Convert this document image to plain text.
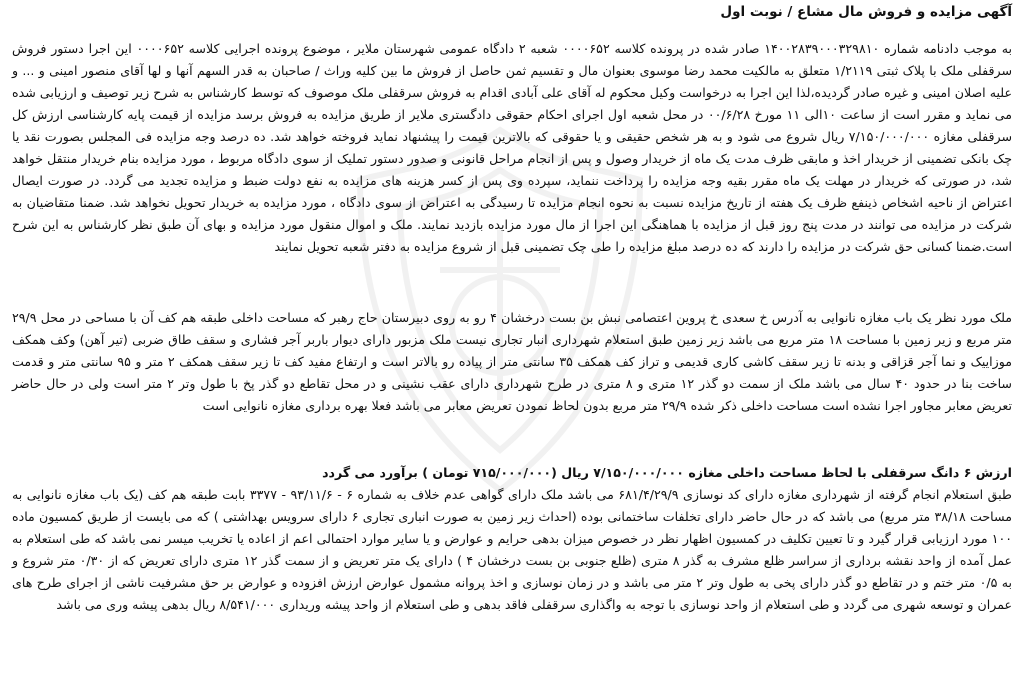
آگهی مزایده و فروش مال مشاع / نوبت اول
به موجب دادنامه شماره ۱۴۰۰۲۸۳۹۰۰۰۳۲۹۸۱۰ صادر شده در پرونده کلاسه ۰۰۰۰۶۵۲ شعبه ۲ دادگاه عمومی شهرستان ملایر ، موضوع پرونده اجرایی کلاسه ۰۰۰۰۶۵۲ این اجرا دستور فروش سرقفلی ملک با پلاک ثبتی ۱/۲۱۱۹ متعلق به مالکیت محمد رضا موسوی بعنوان مال و تقسیم ثمن حاصل از فروش ما بین کلیه وراث / صاحبان به قدر السهم آنها و لها آقای منصور امینی و ... و علیه اصلان امینی و غیره صادر گردیده،لذا این اجرا به درخواست وکیل محکوم له آقای علی آبادی اقدام به فروش سرقفلی ملک موصوف که توسط کارشناس به شرح زیر توصیف و ارزیابی شده می نماید و مقرر است از ساعت ۱۰الی ۱۱ مورخ ۰۰/۶/۲۸ در محل شعبه اول اجرای احکام حقوقی دادگستری ملایر از طریق مزایده به فروش برسد مزایده از قیمت پایه کارشناسی ارزش کل سرقفلی مغازه ۷/۱۵۰/۰۰۰/۰۰۰ ریال شروع می شود و به هر شخص حقیقی و یا حقوقی که بالاترین قیمت را پیشنهاد نماید فروخته خواهد شد. ده درصد وجه مزایده فی المجلس بصورت نقد یا چک بانکی تضمینی از خریدار اخذ و مابقی ظرف مدت یک ماه از خریدار وصول و پس از انجام مراحل قانونی و صدور دستور تملیک از سوی دادگاه مربوط ، مورد مزایده بنام خریدار منتقل خواهد شد، در صورتی که خریدار در مهلت یک ماه مقرر بقیه وجه مزایده را پرداخت ننماید، سپرده وی پس از کسر هزینه های مزایده به نفع دولت ضبط و مزایده تجدید می گردد. در صورت ایصال اعتراض از ناحیه اشخاص ذینفع ظرف یک هفته از تاریخ مزایده نسبت به نحوه انجام مزایده تا رسیدگی به اعتراض از سوی دادگاه ، مورد مزایده به خریدار تحویل نخواهد شد. ضمنا متقاضیان به شرکت در مزایده می توانند در مدت پنج روز قبل از مزایده با هماهنگی این اجرا از مال مورد مزایده بازدید نمایند. ملک و اموال منقول مورد مزایده و بهای آن طبق نظر کارشناس به این شرح است.ضمنا کسانی حق شرکت در مزایده را دارند که ده درصد مبلغ مزایده را طی چک تضمینی قبل از شروع مزایده به دفتر شعبه تحویل نمایند
ملک مورد نظر یک باب مغازه نانوایی به آدرس خ سعدی خ پروین اعتصامی نبش بن بست درخشان ۴ رو به روی دبیرستان حاج رهبر که مساحت داخلی طبقه هم کف آن با مساحی در محل ۲۹/۹ متر مربع و زیر زمین با مساحت ۱۸ متر مربع می باشد زیر زمین طبق استعلام شهرداری انبار تجاری نیست ملک مزبور دارای دیوار باربر آجر فشاری و سقف طاق ضربی (تیر آهن) وکف همکف موزاییک و نما آجر قزاقی و بدنه تا زیر سقف کاشی کاری قدیمی و تراز کف همکف ۳۵ سانتی متر از پیاده رو بالاتر است و ارتفاع مفید کف تا زیر سقف همکف ۲ متر و ۹۵ سانتی متر و قدمت ساخت بنا در حدود ۴۰ سال می باشد ملک از سمت دو گذر ۱۲ متری و ۸ متری در طرح شهرداری دارای عقب نشینی و در محل تقاطع دو گذر پخ با طول وتر ۲ متر است ولی در حال حاضر تعریض معابر مجاور اجرا نشده است مساحت داخلی ذکر شده ۲۹/۹ متر مربع بدون لحاظ نمودن تعریض معابر می باشد فعلا بهره برداری مغازه نانوایی است
ارزش ۶ دانگ سرقفلی با لحاظ مساحت داخلی مغازه ۷/۱۵۰/۰۰۰/۰۰۰ ریال (۷۱۵/۰۰۰/۰۰۰ تومان ) برآورد می گردد
طبق استعلام انجام گرفته از شهرداری مغازه دارای کد نوسازی ۶۸۱/۴/۲۹/۹ می باشد ملک دارای گواهی عدم خلاف به شماره ۶ - ۹۳/۱۱/۶ - ۳۳۷۷ بابت طبقه هم کف (یک باب مغازه نانوایی به مساحت ۳۸/۱۸ متر مربع) می باشد که در حال حاضر دارای تخلفات ساختمانی بوده (احداث زیر زمین به صورت انباری تجاری ۶ دارای سرویس بهداشتی ) که می بایست از طریق کمسیون ماده ۱۰۰ مورد ارزیابی قرار گیرد و تا تعیین تکلیف در کمسیون اظهار نظر در خصوص میزان بدهی حرایم و عوارض و یا سایر موارد احتمالی اعم از اعاده یا تخریب میسر نمی باشد که طی استعلام به عمل آمده از واحد نقشه برداری از سراسر ظلع مشرف به گذر ۸ متری (ظلع جنوبی بن بست درخشان ۴ ) دارای یک متر تعریض و از سمت گذر ۱۲ متری دارای تعریض که از ۰/۳۰ متر شروع و به ۰/۵ متر ختم و در تقاطع دو گذر دارای پخی به طول وتر ۲ متر می باشد و در زمان نوسازی و اخذ پروانه مشمول عوارض ارزش افزوده و عوارض بر حق مشرفیت ناشی از اجرای طرح های عمران و توسعه شهری می گردد و طی استعلام از واحد نوسازی با توجه به واگذاری سرقفلی فاقد بدهی و طی استعلام از واحد پیشه وریداری ۸/۵۴۱/۰۰۰ ریال بدهی پیشه وری می باشد
